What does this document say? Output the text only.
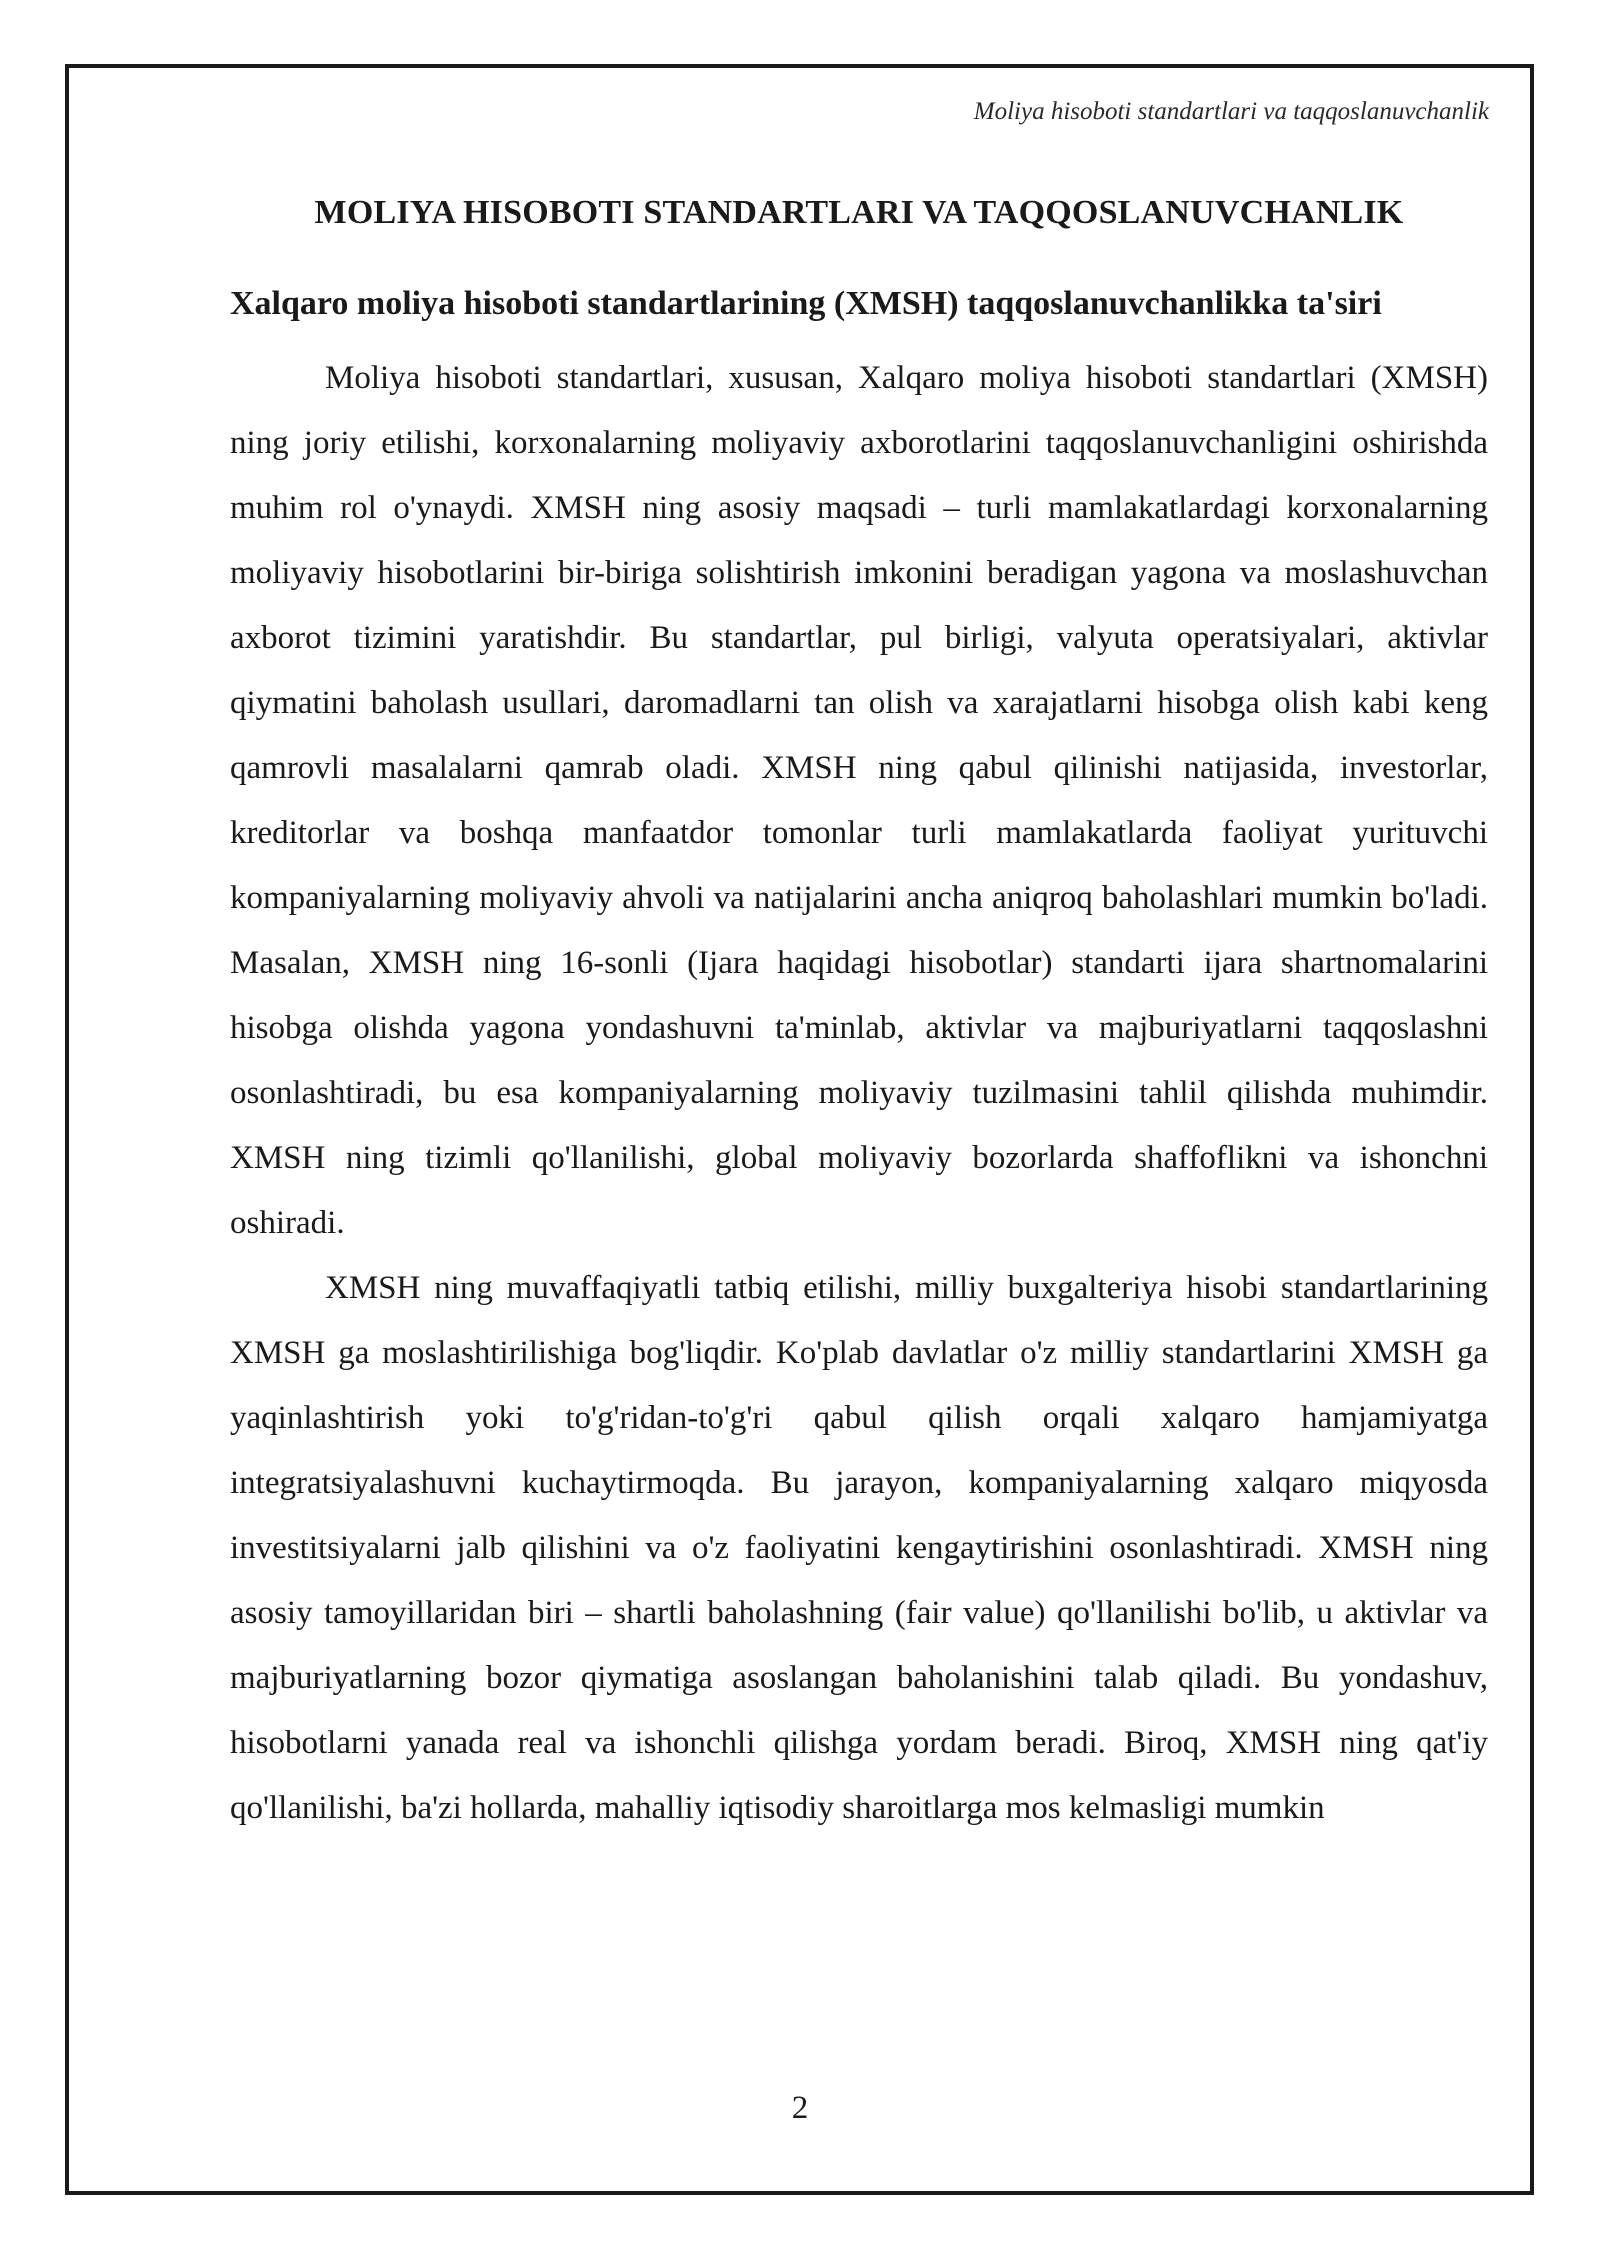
Moliya hisoboti standartlari va taqqoslanuvchanlik
MOLIYA HISOBOTI STANDARTLARI VA TAQQOSLANUVCHANLIK
Xalqaro moliya hisoboti standartlarining (XMSH) taqqoslanuvchanlikka ta'siri

Moliya hisoboti standartlari, xususan, Xalqaro moliya hisoboti standartlari (XMSH) ning joriy etilishi, korxonalarning moliyaviy axborotlarini taqqoslanuvchanligini oshirishda muhim rol o'ynaydi. XMSH ning asosiy maqsadi – turli mamlakatlardagi korxonalarning moliyaviy hisobotlarini bir-biriga solishtirish imkonini beradigan yagona va moslashuvchan axborot tizimini yaratishdir. Bu standartlar, pul birligi, valyuta operatsiyalari, aktivlar qiymatini baholash usullari, daromadlarni tan olish va xarajatlarni hisobga olish kabi keng qamrovli masalalarni qamrab oladi. XMSH ning qabul qilinishi natijasida, investorlar, kreditorlar va boshqa manfaatdor tomonlar turli mamlakatlarda faoliyat yurituvchi kompaniyalarning moliyaviy ahvoli va natijalarini ancha aniqroq baholashlari mumkin bo'ladi. Masalan, XMSH ning 16-sonli (Ijara haqidagi hisobotlar) standarti ijara shartnomalarini hisobga olishda yagona yondashuvni ta'minlab, aktivlar va majburiyatlarni taqqoslashni osonlashtiradi, bu esa kompaniyalarning moliyaviy tuzilmasini tahlil qilishda muhimdir. XMSH ning tizimli qo'llanilishi, global moliyaviy bozorlarda shaffoflikni va ishonchni oshiradi.

XMSH ning muvaffaqiyatli tatbiq etilishi, milliy buxgalteriya hisobi standartlarining XMSH ga moslashtirilishiga bog'liqdir. Ko'plab davlatlar o'z milliy standartlarini XMSH ga yaqinlashtirish yoki to'g'ridan-to'g'ri qabul qilish orqali xalqaro hamjamiyatga integratsiyalashuvni kuchaytirmoqda. Bu jarayon, kompaniyalarning xalqaro miqyosda investitsiyalarni jalb qilishini va o'z faoliyatini kengaytirishini osonlashtiradi. XMSH ning asosiy tamoyillaridan biri – shartli baholashning (fair value) qo'llanilishi bo'lib, u aktivlar va majburiyatlarning bozor qiymatiga asoslangan baholanishini talab qiladi. Bu yondashuv, hisobotlarni yanada real va ishonchli qilishga yordam beradi. Biroq, XMSH ning qat'iy qo'llanilishi, ba'zi hollarda, mahalliy iqtisodiy sharoitlarga mos kelmasligi mumkin

2
